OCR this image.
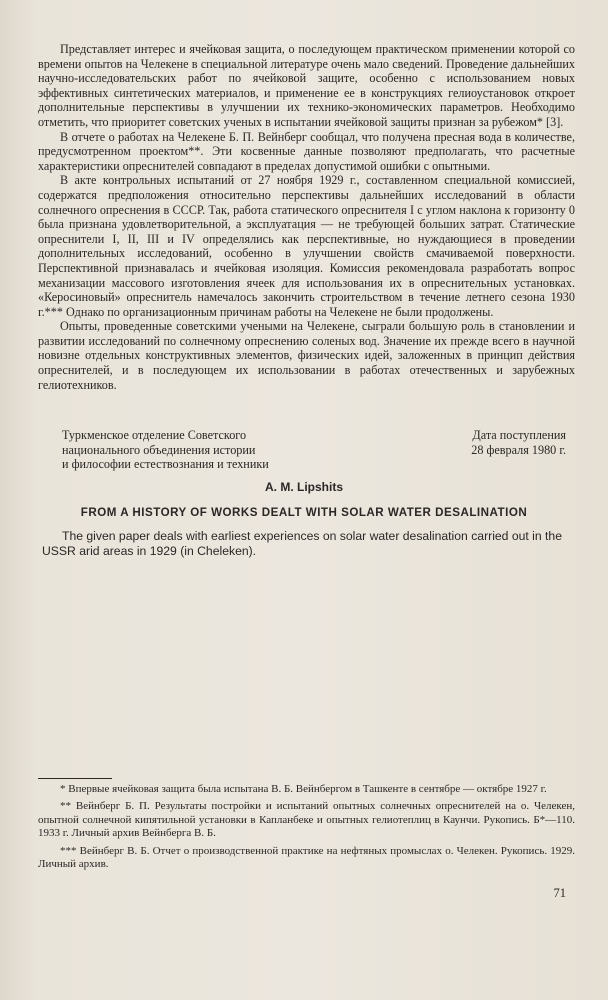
Представляет интерес и ячейковая защита, о последующем практическом применении которой со времени опытов на Челекене в специальной литературе очень мало сведений. Проведение дальнейших научно-исследовательских работ по ячейковой защите, особенно с использованием новых эффективных синтетических материалов, и применение ее в конструкциях гелиоустановок откроет дополнительные перспективы в улучшении их технико-экономических параметров. Необходимо отметить, что приоритет советских ученых в испытании ячейковой защиты признан за рубежом* [3].

В отчете о работах на Челекене Б. П. Вейнберг сообщал, что получена пресная вода в количестве, предусмотренном проектом**. Эти косвенные данные позволяют предполагать, что расчетные характеристики опреснителей совпадают в пределах допустимой ошибки с опытными.

В акте контрольных испытаний от 27 ноября 1929 г., составленном специальной комиссией, содержатся предположения относительно перспективы дальнейших исследований в области солнечного опреснения в СССР. Так, работа статического опреснителя I с углом наклона к горизонту 0 была признана удовлетворительной, а эксплуатация — не требующей больших затрат. Статические опреснители I, II, III и IV определялись как перспективные, но нуждающиеся в проведении дополнительных исследований, особенно в улучшении свойств смачиваемой поверхности. Перспективной признавалась и ячейковая изоляция. Комиссия рекомендовала разработать вопрос механизации массового изготовления ячеек для использования их в опреснительных установках. «Керосиновый» опреснитель намечалось закончить строительством в течение летнего сезона 1930 г.*** Однако по организационным причинам работы на Челекене не были продолжены.

Опыты, проведенные советскими учеными на Челекене, сыграли большую роль в становлении и развитии исследований по солнечному опреснению соленых вод. Значение их прежде всего в научной новизне отдельных конструктивных элементов, физических идей, заложенных в принцип действия опреснителей, и в последующем их использовании в работах отечественных и зарубежных гелиотехников.

Туркменское отделение Советского
национального объединения истории
и философии естествознания и техники
Дата поступления
28 февраля 1980 г.
A. M. Lipshits
FROM A HISTORY OF WORKS DEALT WITH SOLAR WATER DESALINATION
The given paper deals with earliest experiences on solar water desalination carried out in the USSR arid areas in 1929 (in Cheleken).

* Впервые ячейковая защита была испытана В. Б. Вейнбергом в Ташкенте в сентябре — октябре 1927 г.

** Вейнберг Б. П. Результаты постройки и испытаний опытных солнечных опреснителей на о. Челекен, опытной солнечной кипятильной установки в Капланбеке и опытных гелиотеплиц в Каунчи. Рукопись. Б*—110. 1933 г. Личный архив Вейнберга В. Б.

*** Вейнберг В. Б. Отчет о производственной практике на нефтяных промыслах о. Челекен. Рукопись. 1929. Личный архив.

71
